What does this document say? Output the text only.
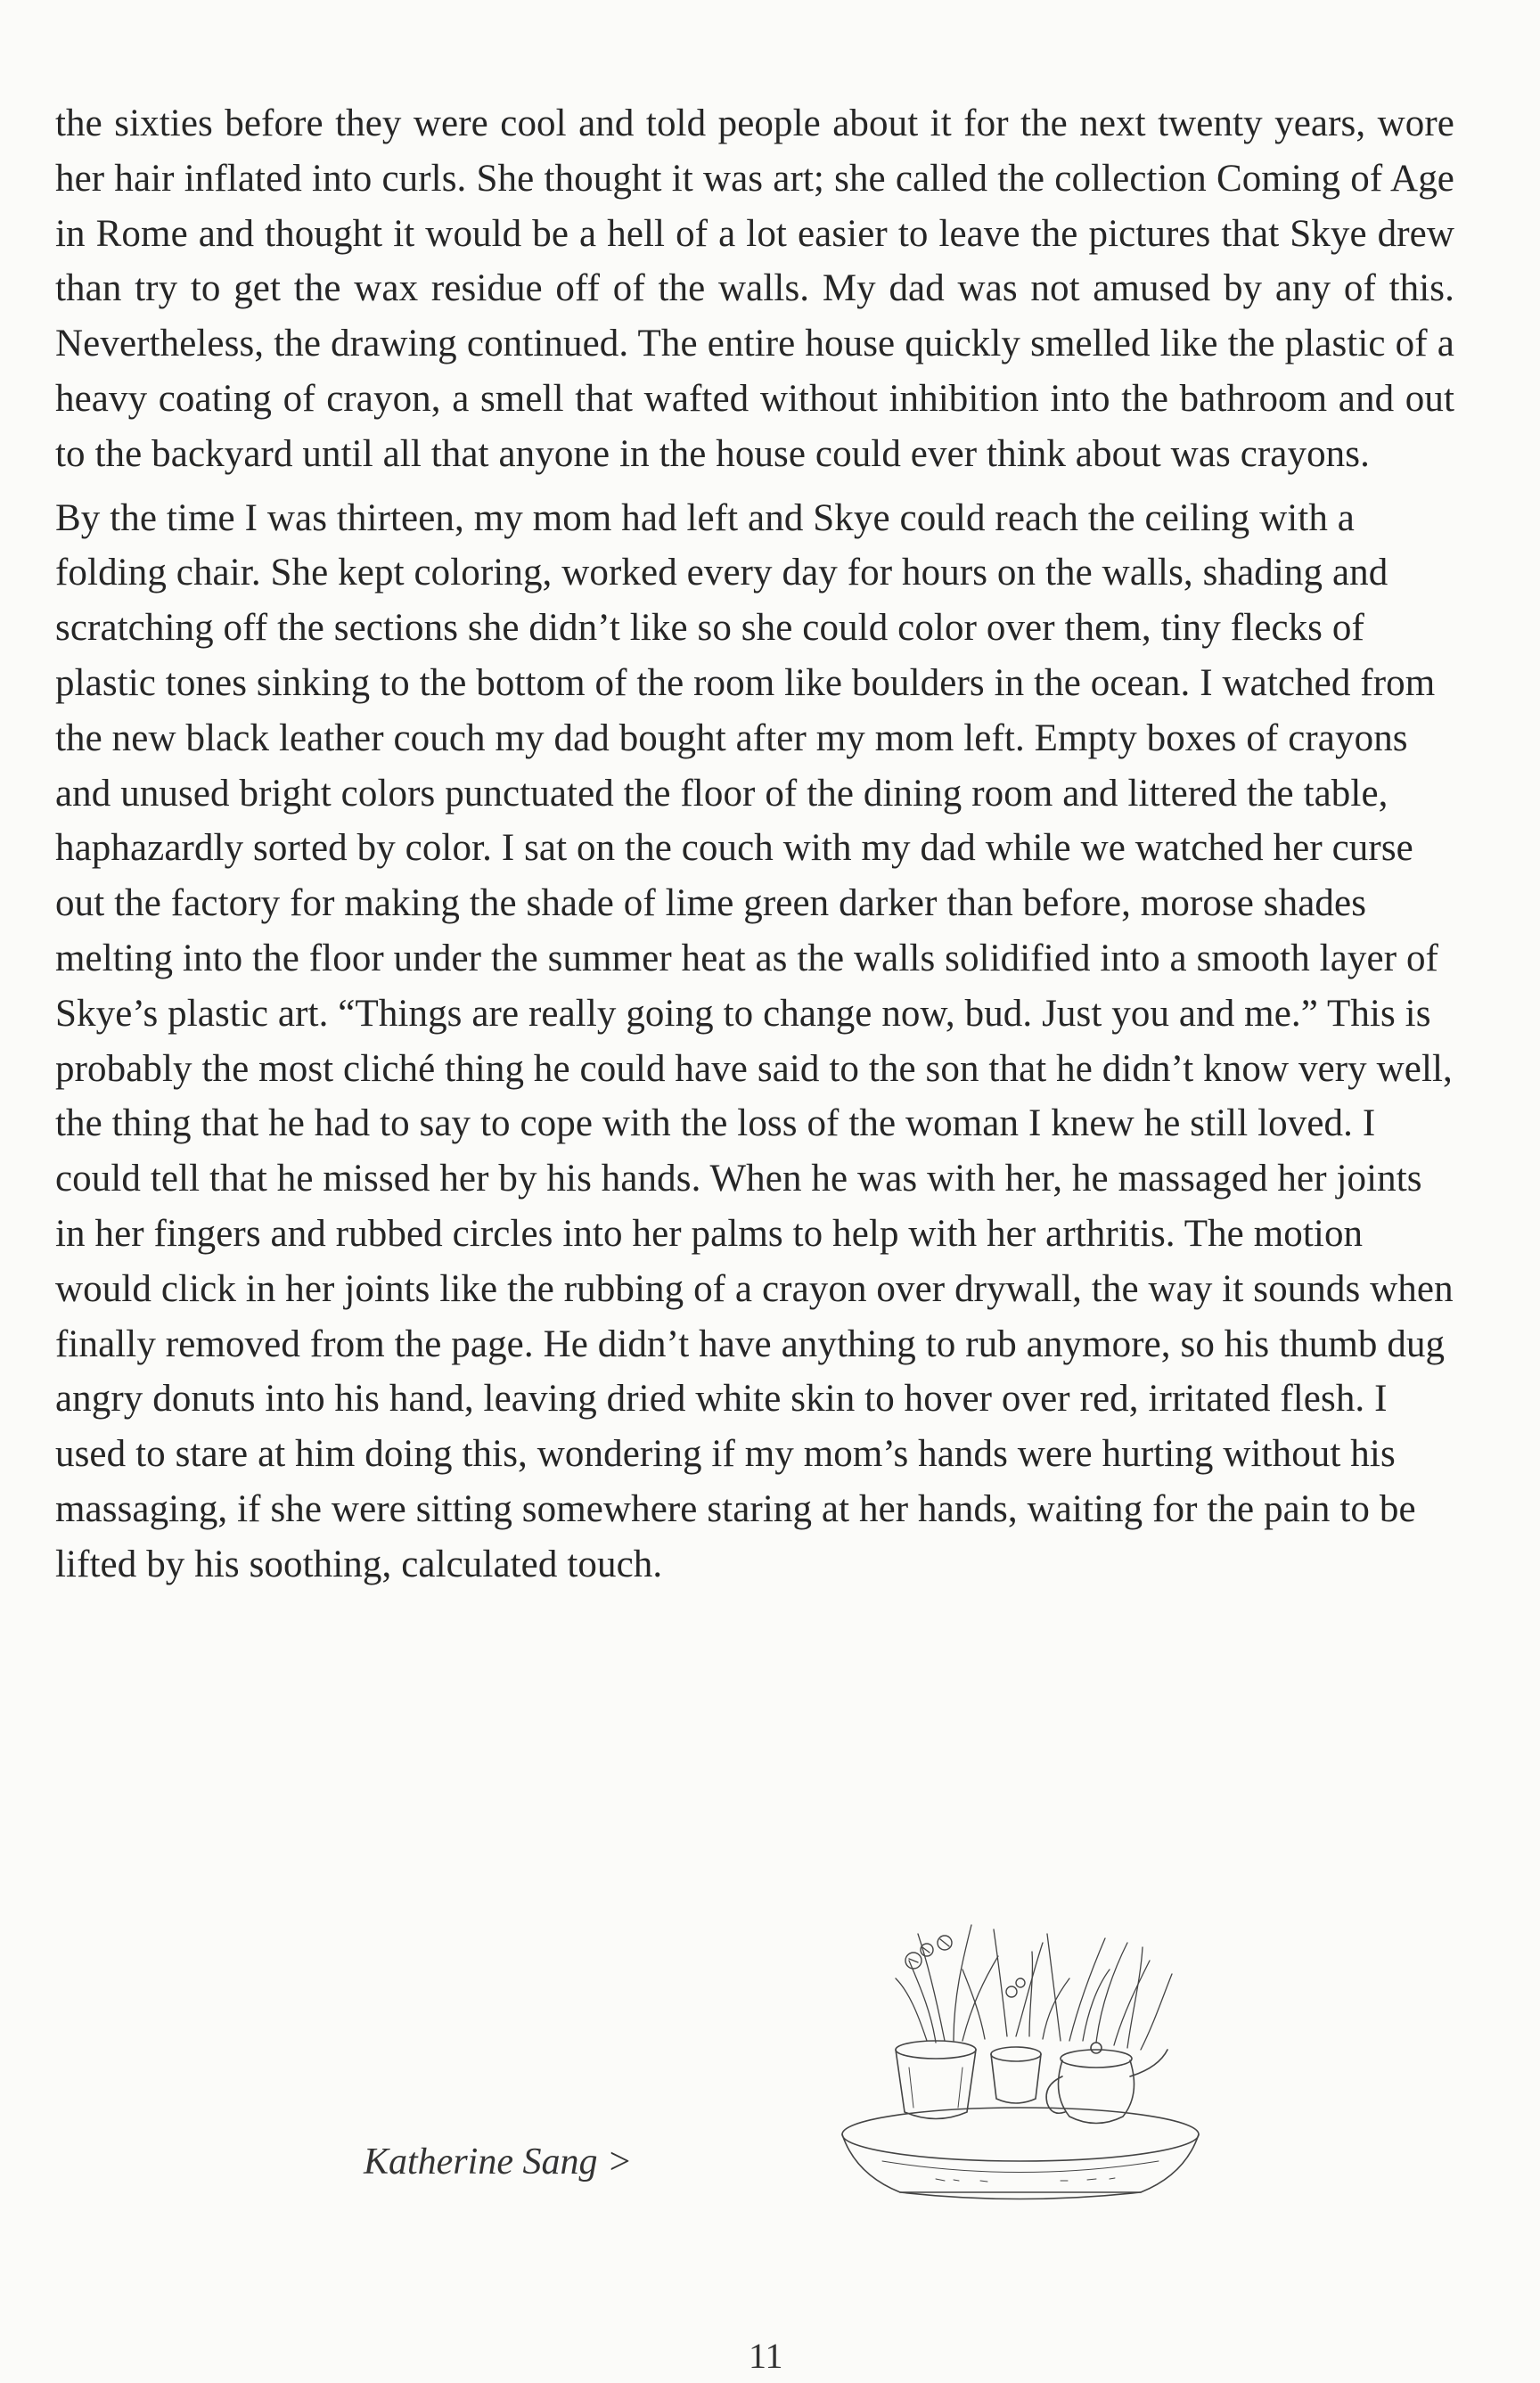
the sixties before they were cool and told people about it for the next twenty years, wore her hair inflated into curls. She thought it was art; she called the collection Coming of Age in Rome and thought it would be a hell of a lot easier to leave the pictures that Skye drew than try to get the wax residue off of the walls. My dad was not amused by any of this. Nevertheless, the drawing continued. The entire house quickly smelled like the plastic of a heavy coating of crayon, a smell that wafted without inhibition into the bathroom and out to the backyard until all that anyone in the house could ever think about was crayons.

By the time I was thirteen, my mom had left and Skye could reach the ceiling with a folding chair. She kept coloring, worked every day for hours on the walls, shading and scratching off the sections she didn’t like so she could color over them, tiny flecks of plastic tones sinking to the bottom of the room like boulders in the ocean. I watched from the new black leather couch my dad bought after my mom left. Empty boxes of crayons and unused bright colors punctuated the floor of the dining room and littered the table, haphazardly sorted by color. I sat on the couch with my dad while we watched her curse out the factory for making the shade of lime green darker than before, morose shades melting into the floor under the summer heat as the walls solidified into a smooth layer of Skye’s plastic art. “Things are really going to change now, bud. Just you and me.” This is probably the most cliché thing he could have said to the son that he didn’t know very well, the thing that he had to say to cope with the loss of the woman I knew he still loved. I could tell that he missed her by his hands. When he was with her, he massaged her joints in her fingers and rubbed circles into her palms to help with her arthritis. The motion would click in her joints like the rubbing of a crayon over drywall, the way it sounds when finally removed from the page. He didn’t have anything to rub anymore, so his thumb dug angry donuts into his hand, leaving dried white skin to hover over red, irritated flesh. I used to stare at him doing this, wondering if my mom’s hands were hurting without his massaging, if she were sitting somewhere staring at her hands, waiting for the pain to be lifted by his soothing, calculated touch.

Katherine Sang >
11
